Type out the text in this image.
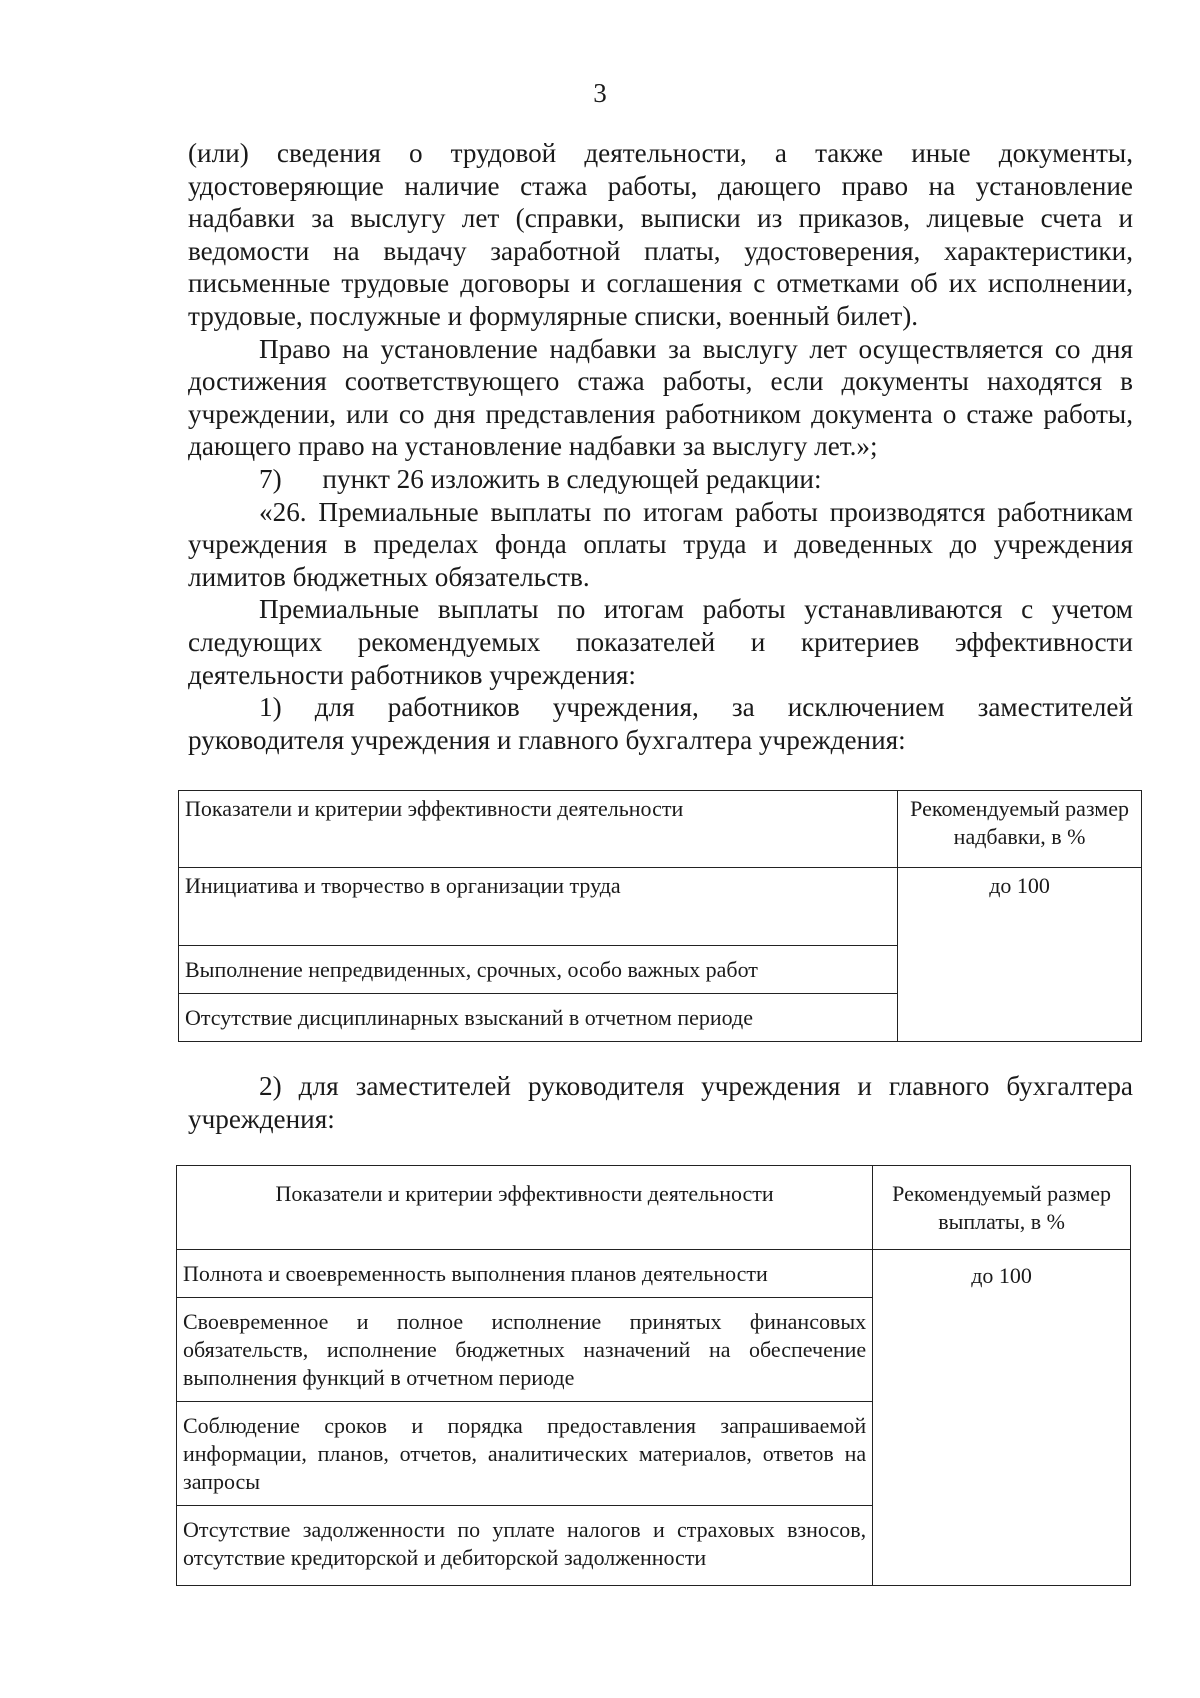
3

(или) сведения о трудовой деятельности, а также иные документы, удостоверяющие наличие стажа работы, дающего право на установление надбавки за выслугу лет (справки, выписки из приказов, лицевые счета и ведомости на выдачу заработной платы, удостоверения, характеристики, письменные трудовые договоры и соглашения с отметками об их исполнении, трудовые, послужные и формулярные списки, военный билет).

Право на установление надбавки за выслугу лет осуществляется со дня достижения соответствующего стажа работы, если документы находятся в учреждении, или со дня представления работником документа о стаже работы, дающего право на установление надбавки за выслугу лет.»;

7)      пункт 26 изложить в следующей редакции:

«26. Премиальные выплаты по итогам работы производятся работникам учреждения в пределах фонда оплаты труда и доведенных до учреждения лимитов бюджетных обязательств.

Премиальные выплаты по итогам работы устанавливаются с учетом следующих рекомендуемых показателей и критериев эффективности деятельности работников учреждения:

1) для работников учреждения, за исключением заместителей руководителя учреждения и главного бухгалтера учреждения:

Показатели и критерии эффективности деятельности	Рекомендуемый размер надбавки, в %
Инициатива и творчество в организации труда	до 100
Выполнение непредвиденных, срочных, особо важных работ	
Отсутствие дисциплинарных взысканий в отчетном периоде	

2) для заместителей руководителя учреждения и главного бухгалтера учреждения:

Показатели и критерии эффективности деятельности	Рекомендуемый размер выплаты, в %
Полнота и своевременность выполнения планов деятельности	до 100
Своевременное и полное исполнение принятых финансовых обязательств, исполнение бюджетных назначений на обеспечение выполнения функций в отчетном периоде	
Соблюдение сроков и порядка предоставления запрашиваемой информации, планов, отчетов, аналитических материалов, ответов на запросы	
Отсутствие задолженности по уплате налогов и страховых взносов, отсутствие кредиторской и дебиторской задолженности	
